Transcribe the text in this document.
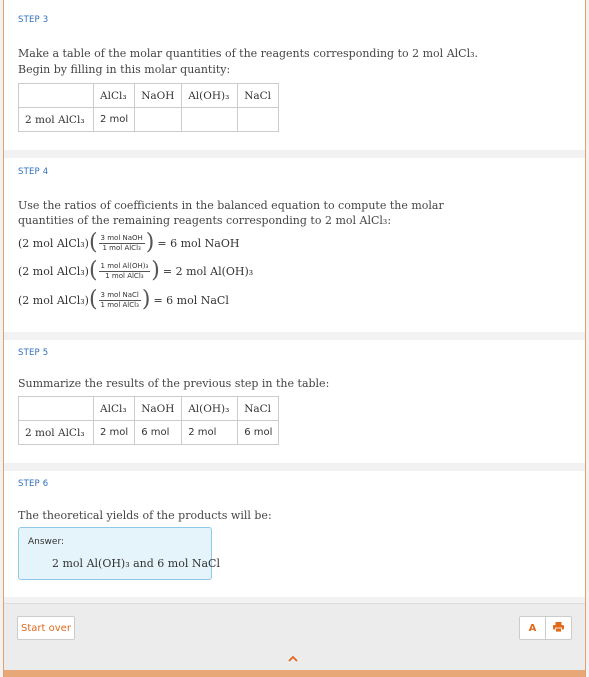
STEP 3
Make a table of the molar quantities of the reagents corresponding to 2 mol AlCl₃.
Begin by filling in this molar quantity:
	AlCl₃	NaOH	Al(OH)₃	NaCl
2 mol AlCl₃	2 mol			
STEP 4
Use the ratios of coefficients in the balanced equation to compute the molar
quantities of the remaining reagents corresponding to 2 mol AlCl₃:
(2 mol AlCl₃) ( $\frac{\text{3 mol NaOH}}{\text{1 mol AlCl₃}}$ ) = 6 mol NaOH
(2 mol AlCl₃) ( $\frac{\text{1 mol Al(OH)₃}}{\text{1 mol AlCl₃}}$ ) = 2 mol Al(OH)₃
(2 mol AlCl₃) ( $\frac{\text{3 mol NaCl}}{\text{1 mol AlCl₃}}$ ) = 6 mol NaCl
STEP 5
Summarize the results of the previous step in the table:
	AlCl₃	NaOH	Al(OH)₃	NaCl
2 mol AlCl₃	2 mol	6 mol	2 mol	6 mol
STEP 6
The theoretical yields of the products will be:
Answer:
2 mol Al(OH)₃ and 6 mol NaCl
Start over	A
